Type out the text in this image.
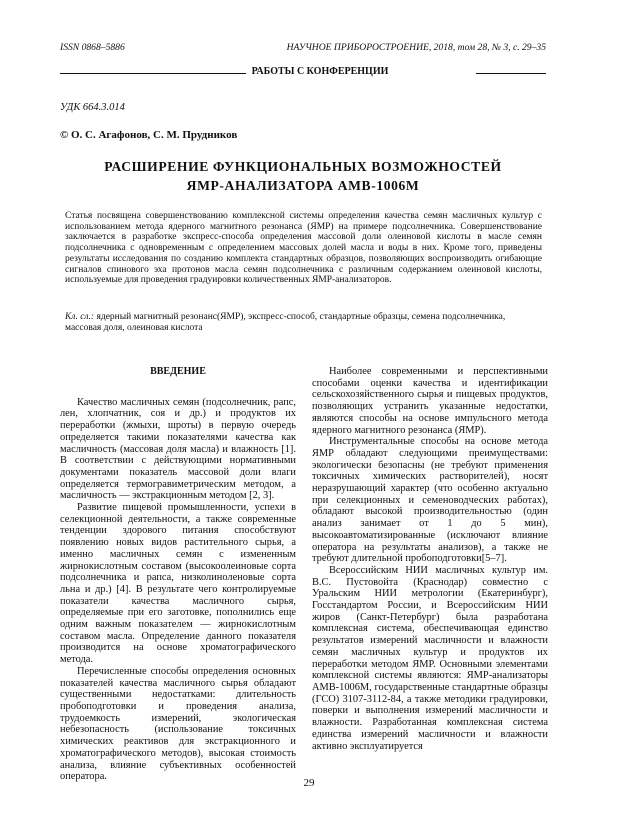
ISSN 0868–5886	НАУЧНОЕ ПРИБОРОСТРОЕНИЕ, 2018, том 28, № 3, с. 29–35
РАБОТЫ С КОНФЕРЕНЦИИ
УДК 664.3.014
© О. С. Агафонов, С. М. Прудников
РАСШИРЕНИЕ ФУНКЦИОНАЛЬНЫХ ВОЗМОЖНОСТЕЙ
ЯМР-АНАЛИЗАТОРА АМВ-1006М
Статья посвящена совершенствованию комплексной системы определения качества семян масличных культур с использованием метода ядерного магнитного резонанса (ЯМР) на примере подсолнечника. Совершенствование заключается в разработке экспресс-способа определения массовой доли олеиновой кислоты в масле семян подсолнечника с одновременным с определением массовых долей масла и воды в них. Кроме того, приведены результаты исследования по созданию комплекта стандартных образцов, позволяющих воспроизводить огибающие сигналов спинового эха протонов масла семян подсолнечника с различным содержанием олеиновой кислоты, используемые для проведения градуировки количественных ЯМР-анализаторов.
Кл. сл.: ядерный магнитный резонанс(ЯМР), экспресс-способ, стандартные образцы, семена подсолнечника, массовая доля, олеиновая кислота
ВВЕДЕНИЕ

Качество масличных семян (подсолнечник, рапс, лен, хлопчатник, соя и др.) и продуктов их переработки (жмыхи, шроты) в первую очередь определяется такими показателями качества как масличность (массовая доля масла) и влажность [1]. В соответствии с действующими нормативными документами показатель массовой доли влаги определяется термогравиметрическим методом, а масличность — экстракционным методом [2, 3].

Развитие пищевой промышленности, успехи в селекционной деятельности, а также современные тенденции здорового питания способствуют появлению новых видов растительного сырья, а именно масличных семян с измененным жирнокислотным составом (высокоолеиновые сорта подсолнечника и рапса, низколиноленовые сорта льна и др.) [4]. В результате чего контролируемые показатели качества масличного сырья, определяемые при его заготовке, пополнились еще одним важным показателем — жирнокислотным составом масла. Определение данного показателя производится на основе хроматографического метода.

Перечисленные способы определения основных показателей качества масличного сырья обладают существенными недостатками: длительность пробоподготовки и проведения анализа, трудоемкость измерений, экологическая небезопасность (использование токсичных химических реактивов для экстракционного и хроматографического методов), высокая стоимость анализа, влияние субъективных особенностей оператора.

Наиболее современными и перспективными способами оценки качества и идентификации сельскохозяйственного сырья и пищевых продуктов, позволяющих устранить указанные недостатки, являются способы на основе импульсного метода ядерного магнитного резонанса (ЯМР).

Инструментальные способы на основе метода ЯМР обладают следующими преимуществами: экологически безопасны (не требуют применения токсичных химических растворителей), носят неразрушающий характер (что особенно актуально при селекционных и семеноводческих работах), обладают высокой производительностью (один анализ занимает от 1 до 5 мин), высокоавтоматизированные (исключают влияние оператора на результаты анализов), а также не требуют длительной пробоподготовки[5–7].

Всероссийским НИИ масличных культур им. В.С. Пустовойта (Краснодар) совместно с Уральским НИИ метрологии (Екатеринбург), Госстандартом России, и Всероссийским НИИ жиров (Санкт-Петербург) была разработана комплексная система, обеспечивающая единство результатов измерений масличности и влажности семян масличных культур и продуктов их переработки методом ЯМР. Основными элементами комплексной системы являются: ЯМР-анализаторы АМВ-1006М, государственные стандартные образцы (ГСО) 3107-3112-84, а также методики градуировки, поверки и выполнения измерений масличности и влажности. Разработанная комплексная система единства измерений масличности и влажности активно эксплуатируется

29
